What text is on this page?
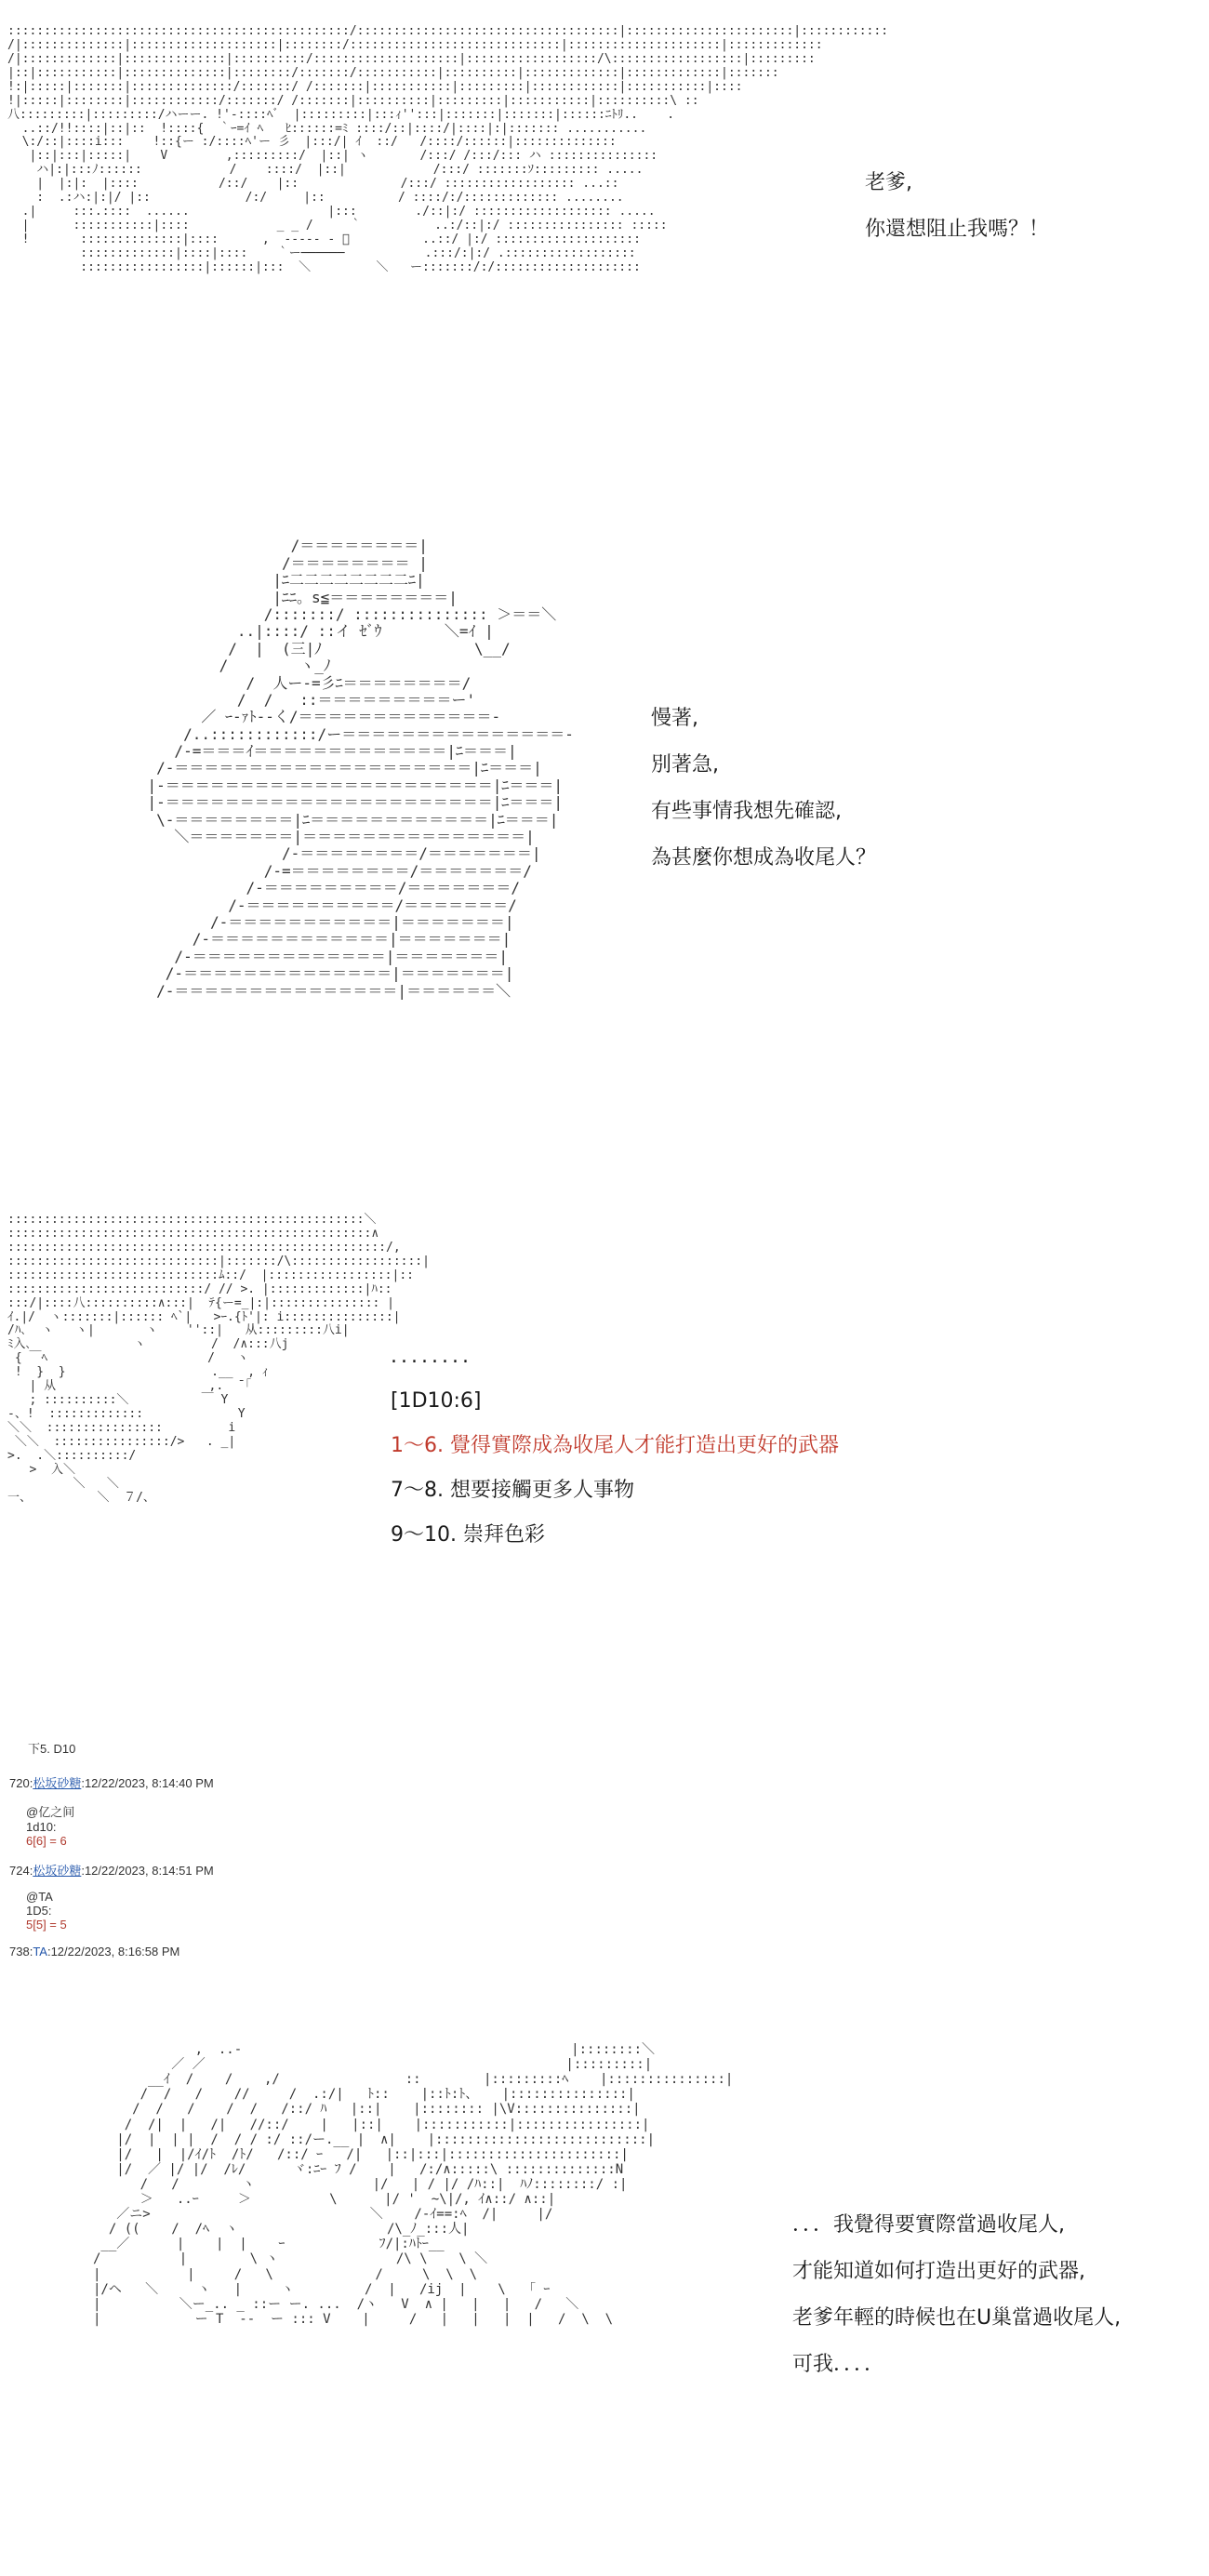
:::::::::::::::::::::::::::::::::::::::::::::::/::::::::::::::::::::::::::::::::::::|:::::::::::::::::::::::|::::::::::::
/|::::::::::::::|::::::::::::::::::::|::::::::/:::::::::::::::::::::::::::::|:::::::::::::::::::::|:::::::::::::
/|:::::::::::::|::::::::::::::|::::::::::/::::::::::::::::::::|::::::::::::::::::/\::::::::::::::::::|:::::::::
|::|:::::::::::|::::::::::::::|::::::::/:::::::/:::::::::::|::::::::::|:::::::::::::|:::::::::::::|:::::::
!:|:::::|:::::::|::::::::::::::/:::::::/ /:::::::|:::::::::::|:::::::::|::::::::::::|:::::::::::|::::
!|:::::|::::::::|::::::::::::/:::::::/ /:::::::|::::::::::|:::::::::|:::::::::::|::::::::::\ ::
八:::::::::|:::::::::/ハーー. !'-::::ﾍﾞ  |:::::::::|:::ｨ'':::|:::::::|:::::::|::::::ﾆﾄﾘ..    .
..::/!!::::|::|::  !::::{  ｀ｰ=ｲ ﾍ   ﾋ::::::=ﾐ ::::/::|::::/|::::|:|::::::: ...........
\:/::|::::i:::    !::{ー :/::::ﾍ'ー 彡  |:::/| ｲ  ::/   /::::/::::::|::::::::::::::
|::|:::|:::::|    V        ,:::::::::/  |::| ヽ       /:::/ /:::/::: ハ :::::::::::::::
ハ|:|:::ﾉ::::::            /    ::::/  |::|            /:::/ :::::::ｿ::::::::: .....
|  |:|:  |::::           /::/    |::              /:::/ :::::::::::::::::: ...::
:  .:ハ:|:|/ |::             /:/     |::          / ::::/:/::::::::::::: ........
.|     :::.::::  ......                   |:::        ./::|:/ ::::::::::::::::::: .....
|      :::::::::::|::::            _ _ /     ｀          ..:/::|:/ :::::::::::::::: :::::
!       ::::::::::::::|::::      ,  ‐‐‐‐‐ ‐ ﾞ          ..::/ |:/ ::::::::::::::::::::
:::::::::::::|::::|::::    ｀ー──────           .:::/:|:/ .::::::::::::::::::
:::::::::::::::::|::::::|:::  ＼         ＼   ー:::::::/:/::::::::::::::::::::

老爹,

你還想阻止我嗎？！

/＝＝＝＝＝＝＝＝|
/＝＝＝＝＝＝＝＝ |
|ﾆ二二二二二二二二ﾆ|
|ﾆﾆ。s≦＝＝＝＝＝＝＝＝|
/:::::::/ ::::::::::::::: ＞＝＝＼
..|::::/ ::イ ｾﾞｳ       ＼=ｲ |
/  |  (三|ﾉ                 \__/
/        ヽ_ﾉ
/  人ー-=彡ﾆ＝＝＝＝＝＝＝＝/
/  /   ::＝＝＝＝＝＝＝＝＝ー'
／ ｰ-ｧﾄ--く/＝＝＝＝＝＝＝＝＝＝＝＝＝-
/..::::::::::::/ー＝＝＝＝＝＝＝＝＝＝＝＝＝＝＝-
/-=＝＝＝ｲ＝＝＝＝＝＝＝＝＝＝＝＝＝|ﾆ＝＝＝|
/-＝＝＝＝＝＝＝＝＝＝＝＝＝＝＝＝＝＝＝＝|ﾆ＝＝＝|
|-＝＝＝＝＝＝＝＝＝＝＝＝＝＝＝＝＝＝＝＝＝＝|ﾆ＝＝＝|
|-＝＝＝＝＝＝＝＝＝＝＝＝＝＝＝＝＝＝＝＝＝＝|ﾆ＝＝＝|
\-＝＝＝＝＝＝＝＝|ﾆ＝＝＝＝＝＝＝＝＝＝＝＝|ﾆ＝＝＝|
＼＝＝＝＝＝＝＝|＝＝＝＝＝＝＝＝＝＝＝＝＝＝＝|
/-＝＝＝＝＝＝＝＝/＝＝＝＝＝＝＝|
/-=＝＝＝＝＝＝＝＝/＝＝＝＝＝＝＝/
/-＝＝＝＝＝＝＝＝＝/＝＝＝＝＝＝＝/
/-＝＝＝＝＝＝＝＝＝＝/＝＝＝＝＝＝＝/
/-＝＝＝＝＝＝＝＝＝＝＝|＝＝＝＝＝＝＝|
/-＝＝＝＝＝＝＝＝＝＝＝＝|＝＝＝＝＝＝＝|
/-＝＝＝＝＝＝＝＝＝＝＝＝＝|＝＝＝＝＝＝＝|
/-＝＝＝＝＝＝＝＝＝＝＝＝＝＝|＝＝＝＝＝＝＝|
/-＝＝＝＝＝＝＝＝＝＝＝＝＝＝＝|＝＝＝＝＝＝＼

慢著,

別著急,

有些事情我想先確認,

為甚麼你想成為收尾人？

:::::::::::::::::::::::::::::::::::::::::::::::::＼
::::::::::::::::::::::::::::::::::::::::::::::::::∧
::::::::::::::::::::::::::::::::::::::::::::::::::::/,
:::::::::::::::::::::::::::::|:::::::/\::::::::::::::::::|
:::::::::::::::::::::::::::::ﾑ::/  |:::::::::::::::::|::
:::::::::::::::::::::::::::/ // >. |:::::::::::::|ﾊ::
:::/|::::八::::::::::∧:::|  ﾃ{ー=_|:|::::::::::::::: |
ｲ.|/  ヽ:::::::|:::::: ﾍ`|   >ｰ.{ﾄ'|: i:::::::::::::::|
/ﾊ､  ヽ   ヽ|       ヽ    ''::|   从:::::::::八i|
ﾐ入､              ヽ         /  /∧:::八j
{ ￣ﾍ                      /   ヽ
!  }  }                    .__  , ｨ
| 从                     ,.  ̄ ｢
; ::::::::::＼          ￣ Y
-、!  :::::::::::::             Y
＼＼  ::::::::::::::::         i
＼＼  ::::::::::::::::/>   . _|
>.  .＼::::::::::/
>  入＼
＼   ＼
一、         ＼  ７/、

........

[1D10:6]

1～6. 覺得實際成為收尾人才能打造出更好的武器

7～8. 想要接觸更多人事物

9～10. 崇拜色彩

下5. D10

720:松坂砂糖:12/22/2023, 8:14:40 PM

@亿之间

1d10:

6[6] = 6

724:松坂砂糖:12/22/2023, 8:14:51 PM

@TA

1D5:

5[5] = 5

738:TA:12/22/2023, 8:16:58 PM

,  ..-                                          |::::::::＼
／ ／                                              |:::::::::|
__ｲ  /    /    ,/                ::        |:::::::::ﾍ    |:::::::::::::::|
/  /   /    //     /  .:/|   ﾄ::    |::ﾄ:ﾄ、   |:::::::::::::::|
/  /   /    /  /   /::/ ﾊ   |::|    |:::::::: |\V:::::::::::::::|
/  /|  |   /|   //::/    |   |::|    |:::::::::::|::::::::::::::::|
|/  |  | |  /  / / :/ ::/ー.__ |  ∧|    |:::::::::::::::::::::::::::|
|/   |  |/ｲ/ﾄ  /ﾄ/   /::/ ｰ   /|   |::|:::|::::::::::::::::::::::|
|/  ／ |/ |/  /ﾚ/      ヾ:ﾆｰ ﾌ /    |   /:/∧:::::\ ::::::::::::::N
/   /        ヽ               |/   | / |/ /ﾊ::|  ﾊﾉ::::::::/ :|
＞   ..ｰ     ＞          \      |/ '  ~\|/, ｲ∧::/ ∧::|
／ニ>                            ＼    /-ｲ==:ﾍ  /|     |/
/ ((    /  /ﾍ  ヽ                   /\_ﾉ_:::人|
__／      |    |  |    ｰ            ﾌ/|:ﾊﾄｰ__
/          |        \ ヽ               /\ \    \ ＼
|           |     /   \             /     \  \  \
|/ヘ   ＼     ヽ   |     ヽ         /  |   /ij  |    \   ｢ ｰ
|          ＼ー_.. _ ::ー ー. ...  /ヽ   V  ∧ |   |   |   /   ＼
|            ー T  --  ー ::: V    |     /   |   |   |  |   /  \  \

．．．我覺得要實際當過收尾人,

才能知道如何打造出更好的武器,

老爹年輕的時候也在U巢當過收尾人,

可我．．．．
